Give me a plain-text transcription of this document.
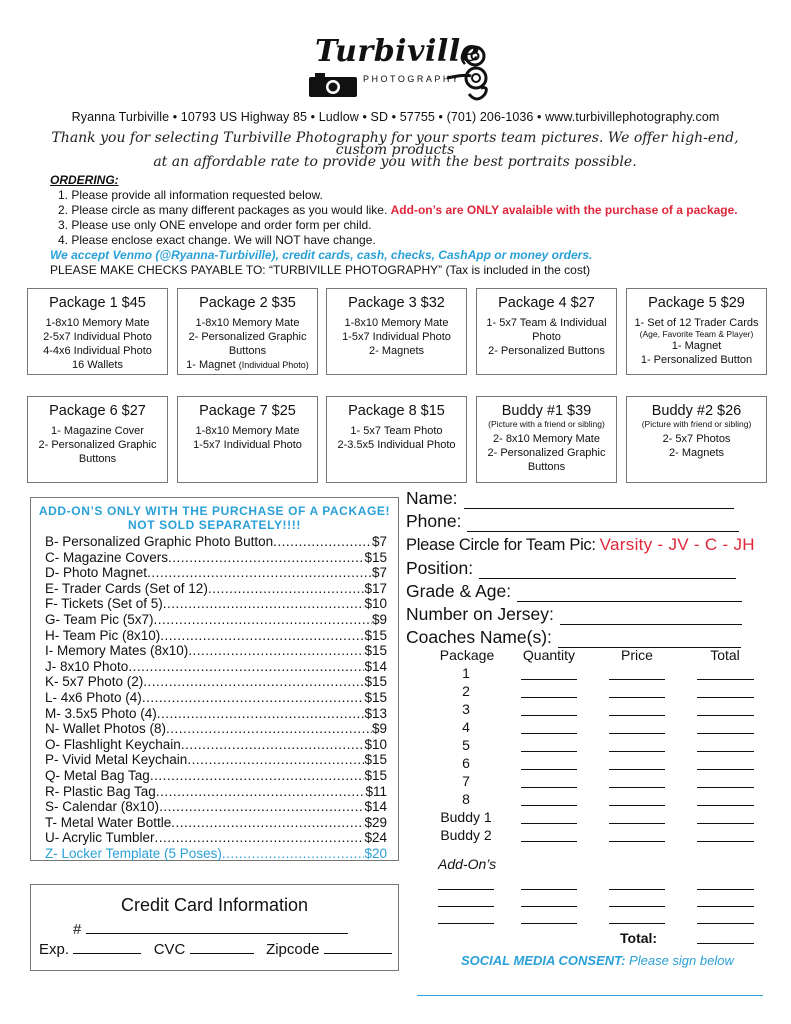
Turbiville
PHOTOGRAPHY
Ryanna Turbiville • 10793 US Highway 85 • Ludlow • SD • 57755 • (701) 206-1036 • www.turbivillephotography.com
Thank you for selecting Turbiville Photography for your sports team pictures. We offer high-end, custom products
at an affordable rate to provide you with the best portraits possible.
ORDERING:
1. Please provide all information requested below.
2. Please circle as many different packages as you would like. Add-on’s are ONLY avalaible with the purchase of a package.
3. Please use only ONE envelope and order form per child.
4. Please enclose exact change. We will NOT have change.
We accept Venmo (@Ryanna-Turbiville), credit cards, cash, checks, CashApp or money orders.
PLEASE MAKE CHECKS PAYABLE TO: “TURBIVILLE PHOTOGRAPHY” (Tax is included in the cost)
Package 1 $45
1-8x10 Memory Mate
2-5x7 Individual Photo
4-4x6 Individual Photo
16 Wallets
Package 2 $35
1-8x10 Memory Mate
2- Personalized Graphic
Buttons
1- Magnet (Individual Photo)
Package 3 $32
1-8x10 Memory Mate
1-5x7 Individual Photo
2- Magnets
Package 4 $27
1- 5x7 Team & Individual
Photo
2- Personalized Buttons
Package 5 $29
1- Set of 12 Trader Cards
(Age, Favorite Team & Player)
1- Magnet
1- Personalized Button
Package 6 $27
1- Magazine Cover
2- Personalized Graphic
Buttons
Package 7 $25
1-8x10 Memory Mate
1-5x7 Individual Photo
Package 8 $15
1- 5x7 Team Photo
2-3.5x5 Individual Photo
Buddy #1 $39
(Picture with a friend or sibling)
2- 8x10 Memory Mate
2- Personalized Graphic
Buttons
Buddy #2 $26
(Picture with friend or sibling)
2- 5x7 Photos
2- Magnets
ADD-ON’S ONLY WITH THE PURCHASE OF A PACKAGE!
NOT SOLD SEPARATELY!!!!
B- Personalized Graphic Photo Button .....	$7
C- Magazine Covers .....	$15
D- Photo Magnet .....	$7
E- Trader Cards (Set of 12) .....	$17
F- Tickets (Set of 5) .....	$10
G- Team Pic (5x7) .....	$9
H- Team Pic (8x10) .....	$15
I- Memory Mates (8x10) .....	$15
J- 8x10 Photo .....	$14
K- 5x7 Photo (2) .....	$15
L- 4x6 Photo (4) .....	$15
M- 3.5x5 Photo (4) .....	$13
N- Wallet Photos (8) .....	$9
O- Flashlight Keychain .....	$10
P- Vivid Metal Keychain .....	$15
Q- Metal Bag Tag .....	$15
R- Plastic Bag Tag .....	$11
S- Calendar (8x10) .....	$14
T- Metal Water Bottle .....	$29
U- Acrylic Tumbler .....	$24
Z- Locker Template (5 Poses) .....	$20
Name:
Phone:
Please Circle for Team Pic: Varsity - JV - C - JH
Position:
Grade & Age:
Number on Jersey:
Coaches Name(s):
Package	Quantity	Price	Total
1
2
3
4
5
6
7
8
Buddy 1
Buddy 2
Add-On’s
Total:
SOCIAL MEDIA CONSENT: Please sign below
Credit Card Information
#
Exp.	CVC	Zipcode
